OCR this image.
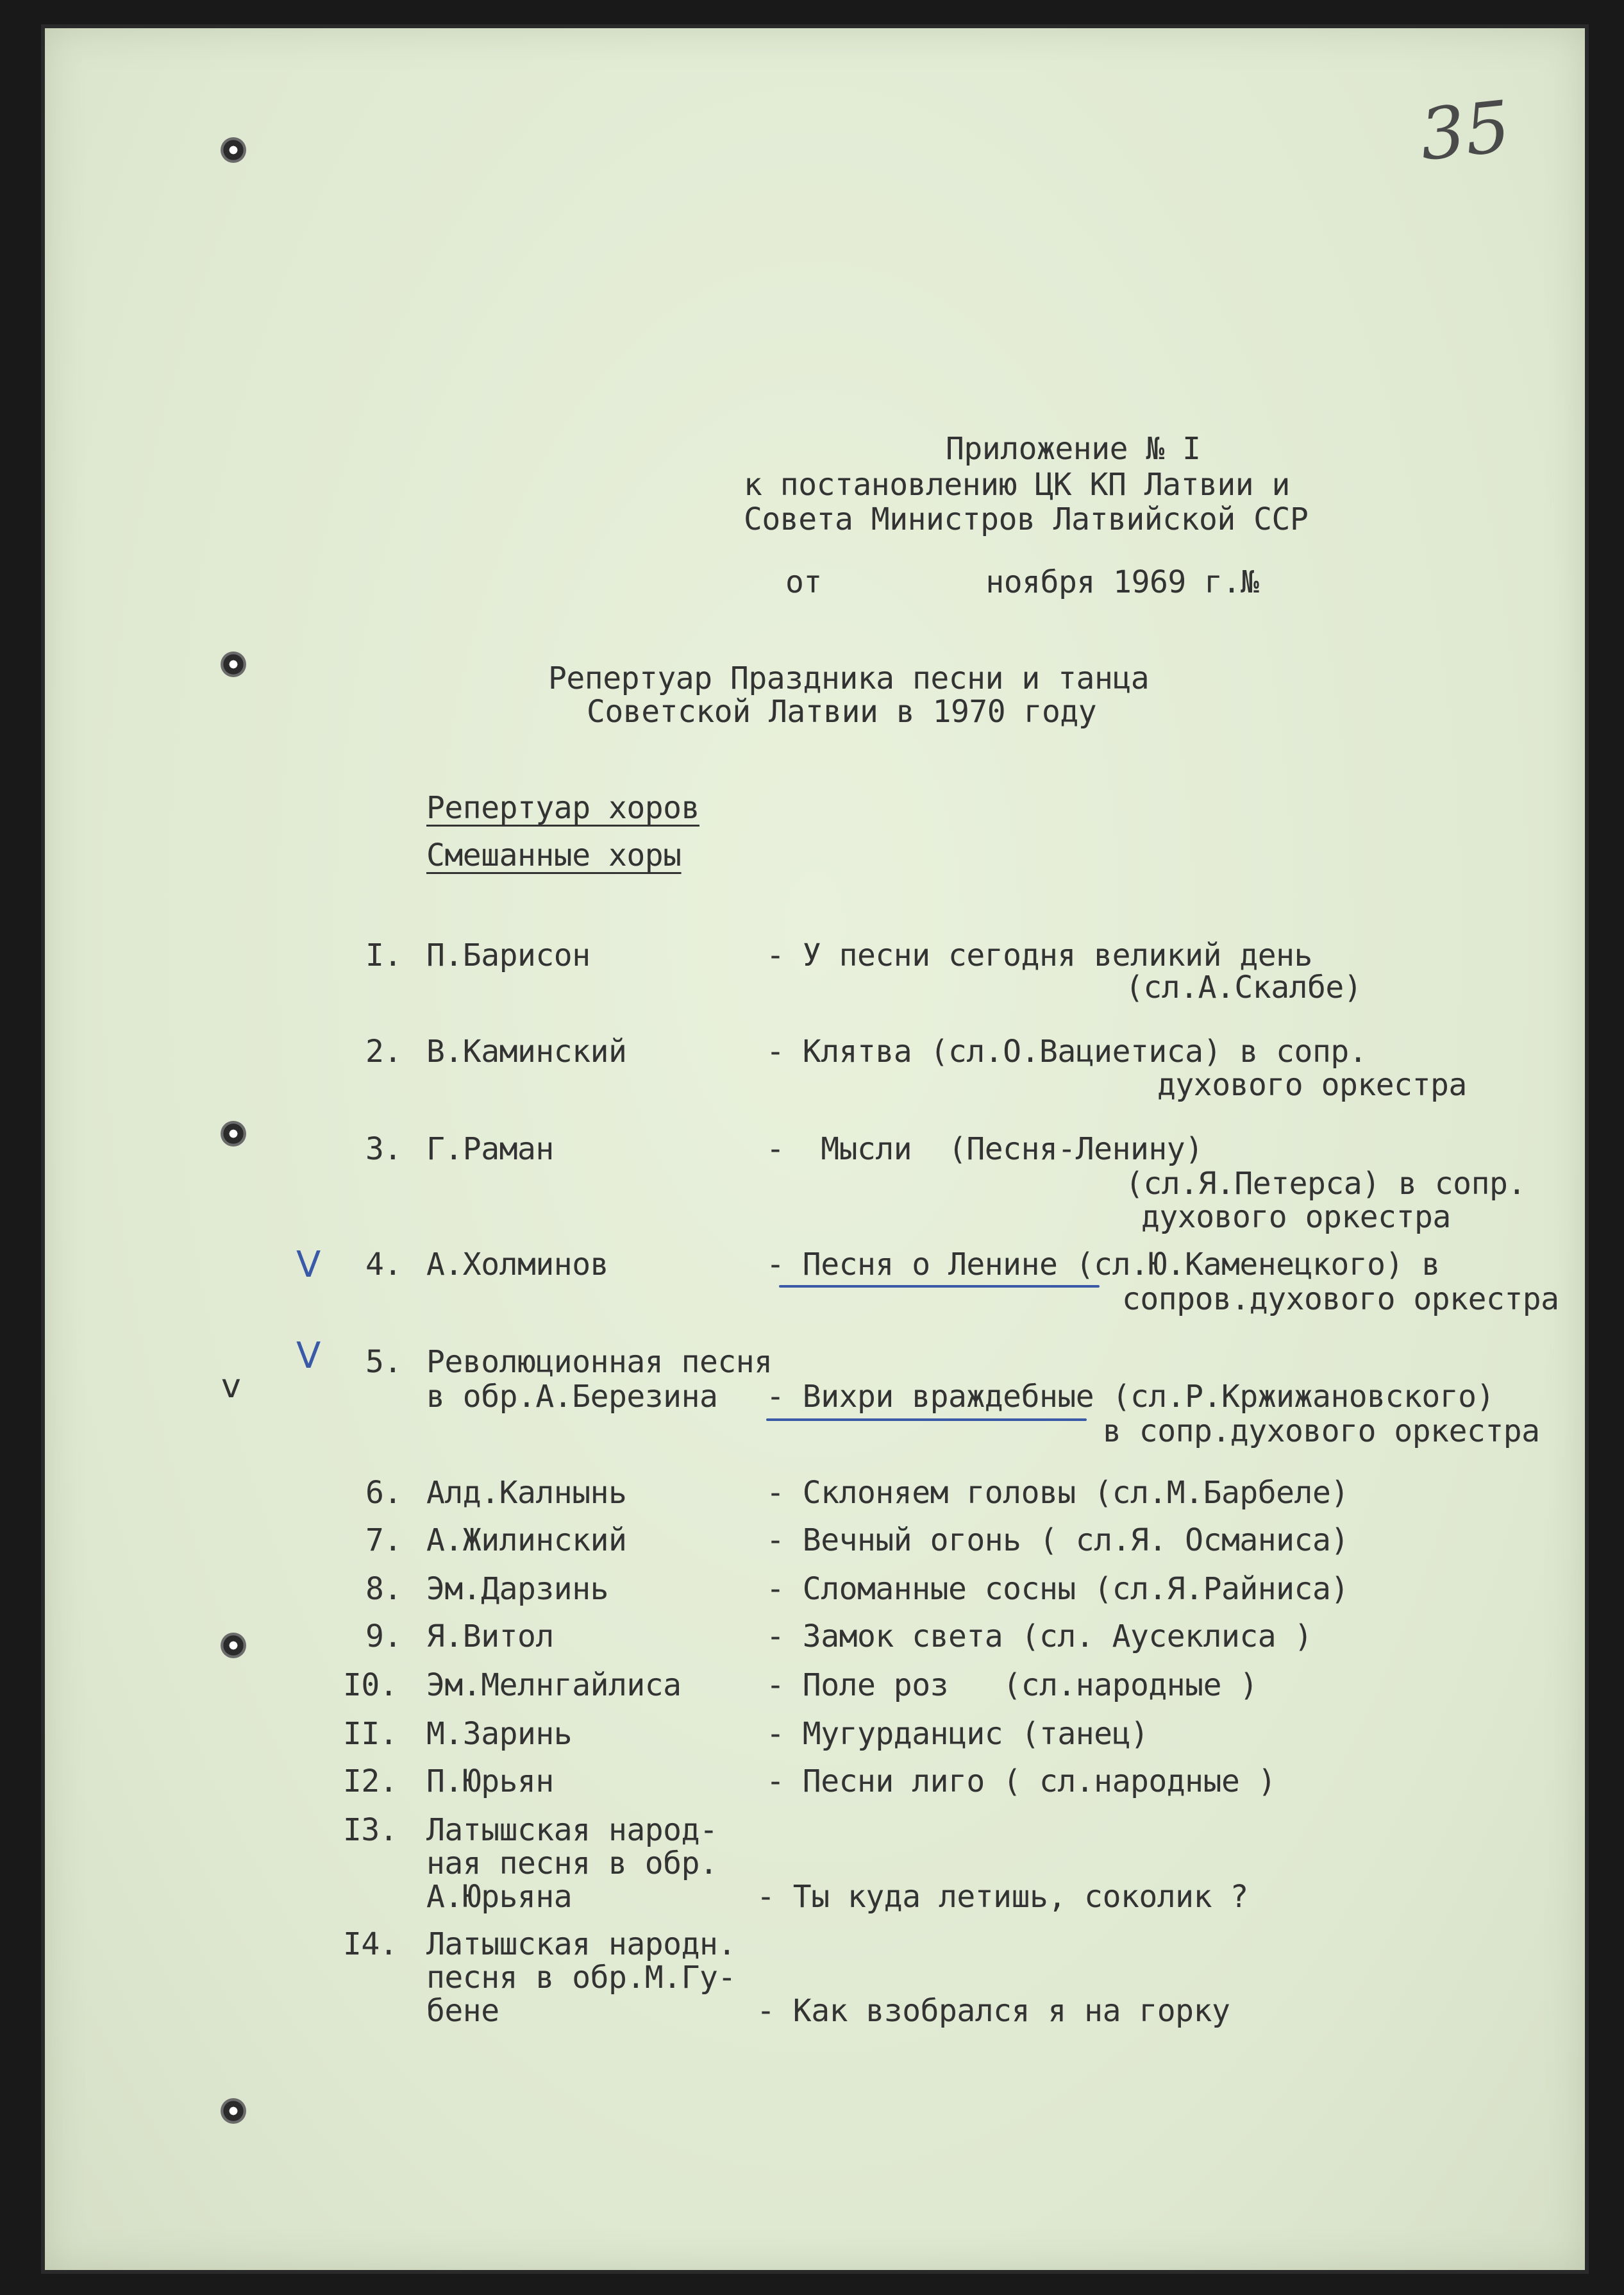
35
Приложение № I
к постановлению ЦК КП Латвии и
Совета Министров Латвийской ССР
от         ноября 1969 г.№
Репертуар Праздника песни и танца
Советской Латвии в 1970 году
Репертуар хоров
Смешанные хоры
I. П.Барисон	- У песни сегодня великий день
(сл.А.Скалбе)
2. В.Каминский	- Клятва (сл.О.Вациетиса) в сопр.
духового оркестра
3. Г.Раман	-  Мысли  (Песня-Ленину)
(сл.Я.Петерса) в сопр.
духового оркестра
V 4. А.Холминов	- Песня о Ленине (сл.Ю.Каменецкого) в
сопров.духового оркестра
V
v
5. Революционная песня
в обр.А.Березина - Вихри враждебные (сл.Р.Кржижановского)
в сопр.духового оркестра
6. Алд.Калнынь	- Склоняем головы (сл.М.Барбеле)
7. А.Жилинский	- Вечный огонь ( сл.Я. Османиса)
8. Эм.Дарзинь	- Сломанные сосны (сл.Я.Райниса)
9. Я.Витол	- Замок света (сл. Аусеклиса )
I0. Эм.Мелнгайлиса	- Поле роз   (сл.народные )
II. М.Заринь	- Мугурданцис (танец)
I2. П.Юрьян	- Песни лиго ( сл.народные )
I3. Латышская народ-
ная песня в обр.
А.Юрьяна	- Ты куда летишь, соколик ?
I4. Латышская народн.
песня в обр.М.Гу-
бене	- Как взобрался я на горку
